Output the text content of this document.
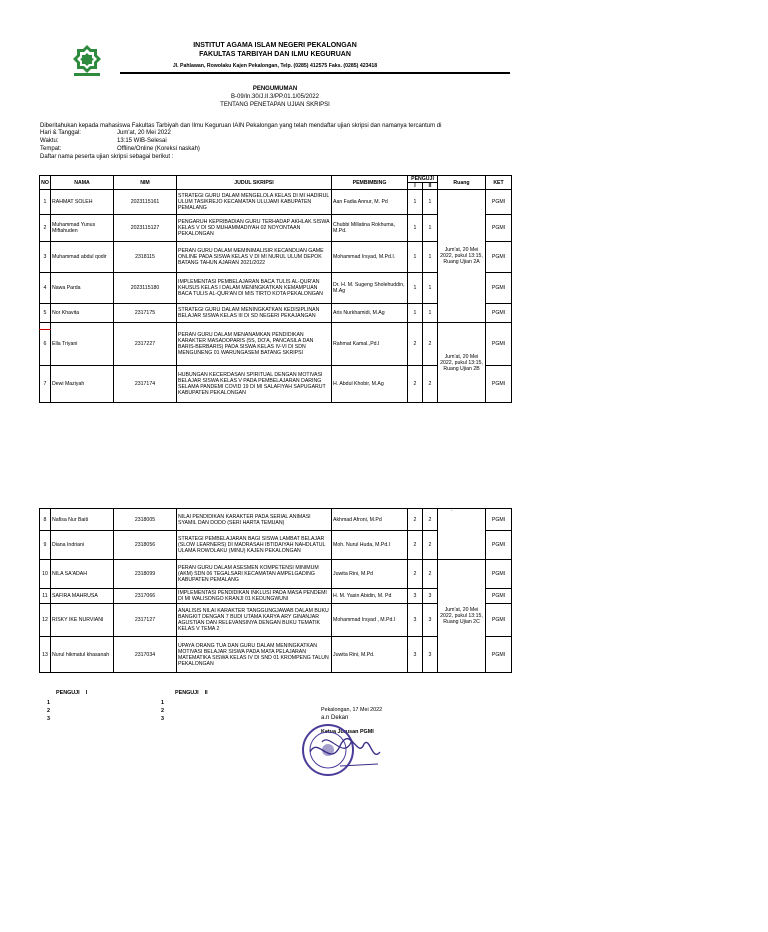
INSTITUT AGAMA ISLAM NEGERI PEKALONGAN
FAKULTAS TARBIYAH DAN ILMU KEGURUAN
Jl. Pahlawan, Rowolaku Kajen Pekalongan, Telp. (0285) 412575 Faks. (0285) 423418
PENGUMUMAN
B-09/In.30/J.II.3/PP.01.1/05/2022
TENTANG PENETAPAN UJIAN SKRIPSI
Diberitahukan kepada mahasiswa Fakultas Tarbiyah dan Ilmu Keguruan IAIN Pekalongan yang telah mendaftar ujian skripsi dan namanya tercantum di
Hari & Tanggal:	Jum'at, 20 Mei 2022
Waktu:	13:15 WIB-Selesai
Tempat:	Offline/Online (Koreksi naskah)
Daftar nama peserta ujian skripsi sebagai berikut :
NO	NAMA	NIM	JUDUL SKRIPSI	PEMBIMBING	PENGUJI		Ruang	KET
					I	II		
1	RAHMAT SOLEH	2023115161	STRATEGI GURU DALAM MENGELOLA KELAS DI MI HADIRUL ULUM TASIKREJO KECAMATAN ULUJAMI KABUPATEN PEMALANG	Aan Fadia Annur, M. Pd	1	1	Jum'at, 20 Mei 2022, pukul 13:15, Ruang Ujian 2A	PGMI
2	Muhammad Yunus Miftahuden	2023115127	PENGARUH KEPRIBADIAN GURU TERHADAP AKHLAK SISWA KELAS V DI SD MUHAMMADIYAH 02 NOYONTAAN PEKALONGAN	Chubbi Millatina Rokhuma, M.Pd.	1	1		PGMI
3	Muhammad abdul qodir	2318115	PERAN GURU DALAM MEMINIMALISIR KECANDUAN GAME ONLINE PADA SISWA KELAS V DI MI NURUL ULUM DEPOK BATANG TAHUN AJARAN 2021/2022	Mohammad Irsyad, M.Pd.I.	1	1		PGMI
4	Nawa Parda	2023115180	IMPLEMENTASI PEMBELAJARAN BACA TULIS AL-QUR'AN KHUSUS KELAS I DALAM MENINGKATKAN KEMAMPUAN BACA TULIS AL-QUR'AN DI MIS TIRTO KOTA PEKALONGAN	Dr. H. M. Sugeng Sholehuddin, M.Ag	1	1		PGMI
5	Nor Khavita	2317175	STRATEGI GURU DALAM MENINGKATKAN KEDISIPLINAN BELAJAR SISWA KELAS III DI SD NEGERI PEKAJANGAN	Aris Nurkhamidi, M.Ag	1	1		PGMI
6	Ella Triyani	2317227	PERAN GURU DALAM MENANAMKAN PENDIDIKAN KARAKTER MASADOPARIS (5S, DO'A, PANCASILA DAN BARIS-BERBARIS) PADA SISWA KELAS IV-VI DI SDN MENGUNENG 01 WARUNGASEM BATANG SKRIPSI	Rahmat Kamal.,Pd.I	2	2	Jum'at, 20 Mei 2022, pukul 13:15, Ruang Ujian 2B	PGMI
7	Dewi Maziyah	2317174	HUBUNGAN KECERDASAN SPIRITUAL DENGAN MOTIVASI BELAJAR SISWA KELAS V PADA PEMBELAJARAN DARING SELAMA PANDEMI COVID 19 DI MI SALAFIYAH SAPUGARUT KABUPATEN PEKALONGAN	H. Abdul Khobir, M.Ag	2	2		PGMI
·
8	Nafisa Nur Baiti	2318005	NILAI PENDIDIKAN KARAKTER PADA SERIAL ANIMASI SYAMIL DAN DODO (SERI HARTA TEMUAN)	Akhmad Afroni, M.Pd	2	2		PGMI
9	Diana Indriani	2318056	STRATEGI PEMBELAJARAN BAGI SISWA LAMBAT BELAJAR (SLOW LEARNERS) DI MADRASAH IBTIDAIYAH NAHDLATUL ULAMA ROWOLAKU (MINU) KAJEN PEKALONGAN	Moh. Nurul Huda, M.Pd.I	2	2		PGMI
10	NILA SA'ADAH	2318099	PERAN GURU DALAM ASESMEN KOMPETENSI MINIMUM (AKM) SDN 06 TEGALSARI KECAMATAN AMPELGADING KABUPATEN PEMALANG	Juwita Rini, M.Pd	2	2	Jum'at, 20 Mei 2022, pukul 13:15, Ruang Ujian 2C	PGMI
11	SAFIRA MAHRUSA	2317066	IMPLEMENTASI PENDIDIKAN INKLUSI PADA MASA PENDEMI DI MI WALISONGO KRANJI 01 KEDUNGWUNI	H. M. Yasin Abidin, M. Pd	3	3		PGMI
12	RISKY IKE NURVIANI	2317127	ANALISIS NILAI KARAKTER TANGGUNGJAWAB DALAM BUKU BANGKIT DENGAN 7 BUDI UTAMA KARYA ARY GINANJAR AGUSTIAN DAN RELEVANSINYA DENGAN BUKU TEMATIK KELAS V TEMA 2	Mohammad Irsyad , M.Pd.I	3	3		PGMI
13	Nurul hikmatul khasanah	2317034	UPAYA ORANG TUA DAN GURU DALAM MENINGKATKAN MOTIVASI BELAJAR SISWA PADA MATA PELAJARAN MATEMATIKA SISWA KELAS IV DI SND 01 KROMPENG TALUN PEKALONGAN	Juwita Rini, M.Pd.	3	3		PGMI
PENGUJI    I	PENGUJI    II
1
2
3
1
2
3
Pekalongan, 17 Mei 2022
a.n Dekan
Ketua Jurusan PGMI
